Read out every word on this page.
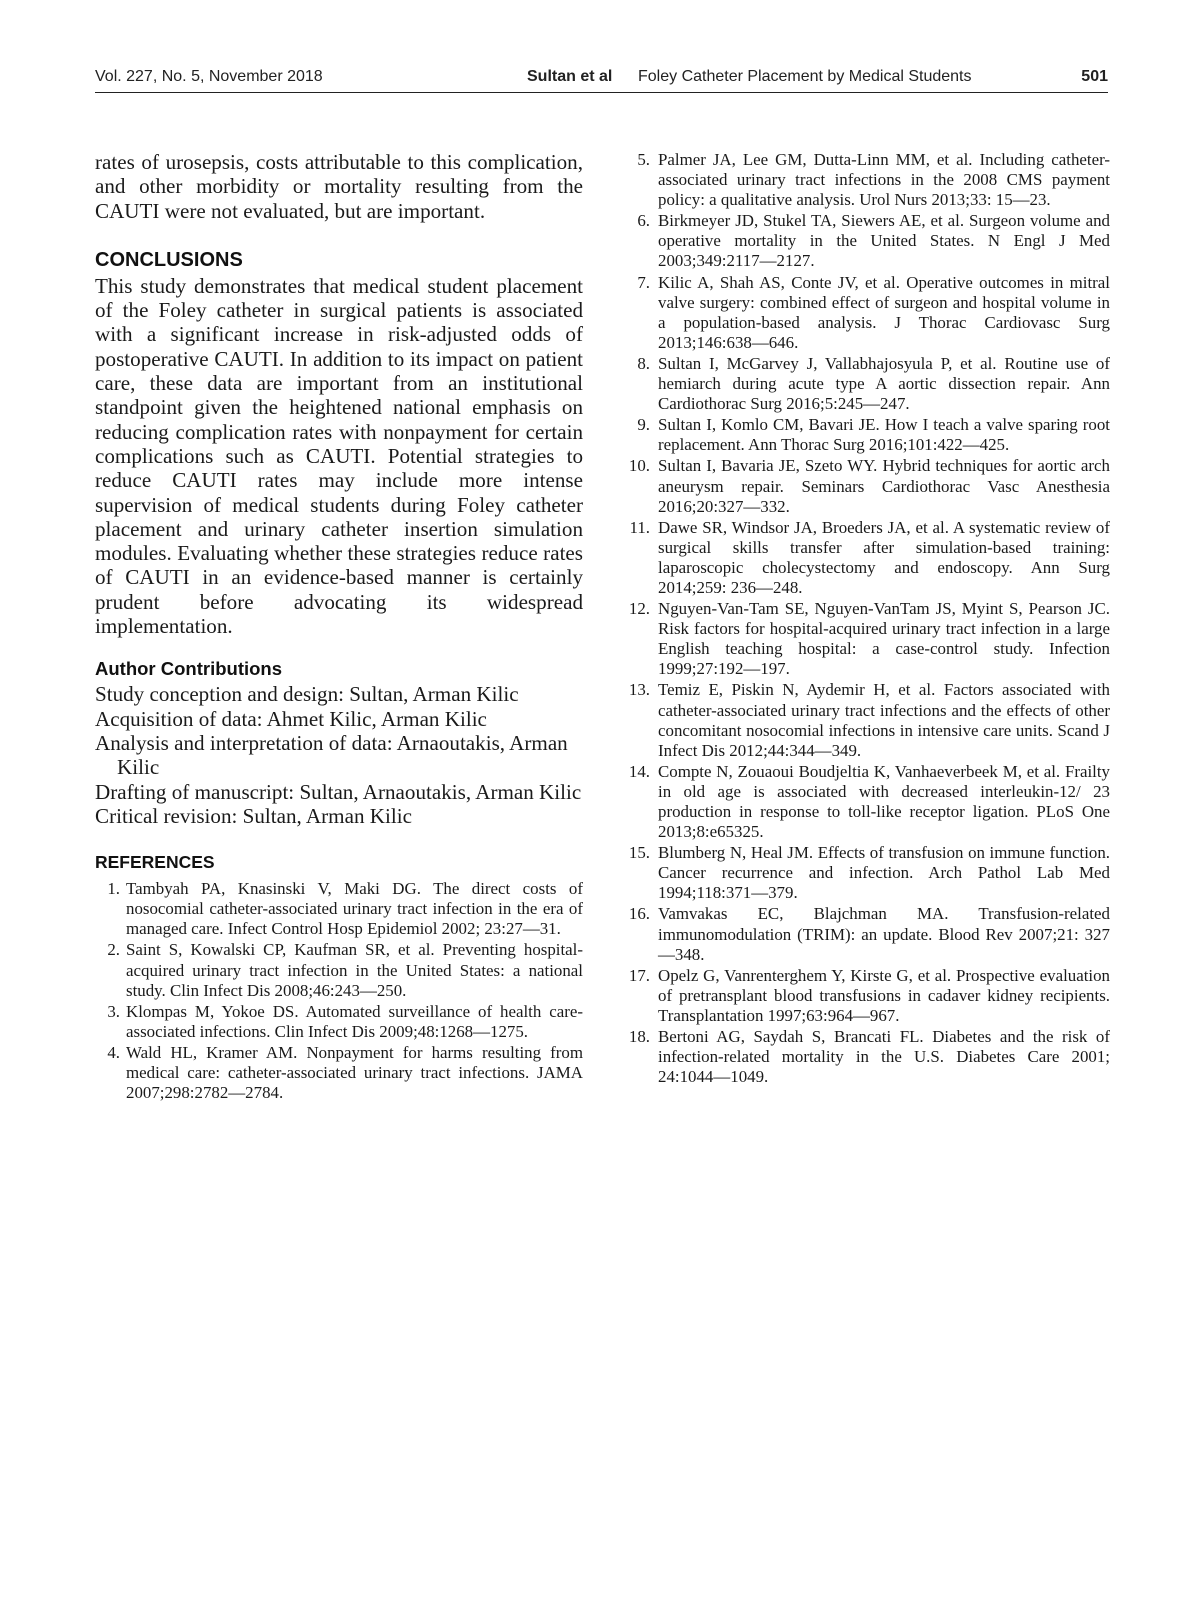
Vol. 227, No. 5, November 2018	Sultan et al Foley Catheter Placement by Medical Students	501

rates of urosepsis, costs attributable to this complication, and other morbidity or mortality resulting from the CAUTI were not evaluated, but are important.

CONCLUSIONS

This study demonstrates that medical student placement of the Foley catheter in surgical patients is associated with a significant increase in risk-adjusted odds of postoperative CAUTI. In addition to its impact on patient care, these data are important from an institutional standpoint given the heightened national emphasis on reducing complication rates with nonpayment for certain complications such as CAUTI. Potential strategies to reduce CAUTI rates may include more intense supervision of medical students during Foley catheter placement and urinary catheter insertion simulation modules. Evaluating whether these strategies reduce rates of CAUTI in an evidence-based manner is certainly prudent before advocating its widespread implementation.

Author Contributions

Study conception and design: Sultan, Arman Kilic

Acquisition of data: Ahmet Kilic, Arman Kilic

Analysis and interpretation of data: Arnaoutakis, Arman Kilic

Drafting of manuscript: Sultan, Arnaoutakis, Arman Kilic

Critical revision: Sultan, Arman Kilic

REFERENCES
1. Tambyah PA, Knasinski V, Maki DG. The direct costs of nosocomial catheter-associated urinary tract infection in the era of managed care. Infect Control Hosp Epidemiol 2002; 23:27—31.
2. Saint S, Kowalski CP, Kaufman SR, et al. Preventing hospital-acquired urinary tract infection in the United States: a national study. Clin Infect Dis 2008;46:243—250.
3. Klompas M, Yokoe DS. Automated surveillance of health care-associated infections. Clin Infect Dis 2009;48:1268—1275.
4. Wald HL, Kramer AM. Nonpayment for harms resulting from medical care: catheter-associated urinary tract infections. JAMA 2007;298:2782—2784.
5. Palmer JA, Lee GM, Dutta-Linn MM, et al. Including catheter-associated urinary tract infections in the 2008 CMS payment policy: a qualitative analysis. Urol Nurs 2013;33: 15—23.
6. Birkmeyer JD, Stukel TA, Siewers AE, et al. Surgeon volume and operative mortality in the United States. N Engl J Med 2003;349:2117—2127.
7. Kilic A, Shah AS, Conte JV, et al. Operative outcomes in mitral valve surgery: combined effect of surgeon and hospital volume in a population-based analysis. J Thorac Cardiovasc Surg 2013;146:638—646.
8. Sultan I, McGarvey J, Vallabhajosyula P, et al. Routine use of hemiarch during acute type A aortic dissection repair. Ann Cardiothorac Surg 2016;5:245—247.
9. Sultan I, Komlo CM, Bavari JE. How I teach a valve sparing root replacement. Ann Thorac Surg 2016;101:422—425.
10. Sultan I, Bavaria JE, Szeto WY. Hybrid techniques for aortic arch aneurysm repair. Seminars Cardiothorac Vasc Anesthesia 2016;20:327—332.
11. Dawe SR, Windsor JA, Broeders JA, et al. A systematic review of surgical skills transfer after simulation-based training: laparoscopic cholecystectomy and endoscopy. Ann Surg 2014;259: 236—248.
12. Nguyen-Van-Tam SE, Nguyen-VanTam JS, Myint S, Pearson JC. Risk factors for hospital-acquired urinary tract infection in a large English teaching hospital: a case-control study. Infection 1999;27:192—197.
13. Temiz E, Piskin N, Aydemir H, et al. Factors associated with catheter-associated urinary tract infections and the effects of other concomitant nosocomial infections in intensive care units. Scand J Infect Dis 2012;44:344—349.
14. Compte N, Zouaoui Boudjeltia K, Vanhaeverbeek M, et al. Frailty in old age is associated with decreased interleukin-12/ 23 production in response to toll-like receptor ligation. PLoS One 2013;8:e65325.
15. Blumberg N, Heal JM. Effects of transfusion on immune function. Cancer recurrence and infection. Arch Pathol Lab Med 1994;118:371—379.
16. Vamvakas EC, Blajchman MA. Transfusion-related immunomodulation (TRIM): an update. Blood Rev 2007;21: 327—348.
17. Opelz G, Vanrenterghem Y, Kirste G, et al. Prospective evaluation of pretransplant blood transfusions in cadaver kidney recipients. Transplantation 1997;63:964—967.
18. Bertoni AG, Saydah S, Brancati FL. Diabetes and the risk of infection-related mortality in the U.S. Diabetes Care 2001; 24:1044—1049.
